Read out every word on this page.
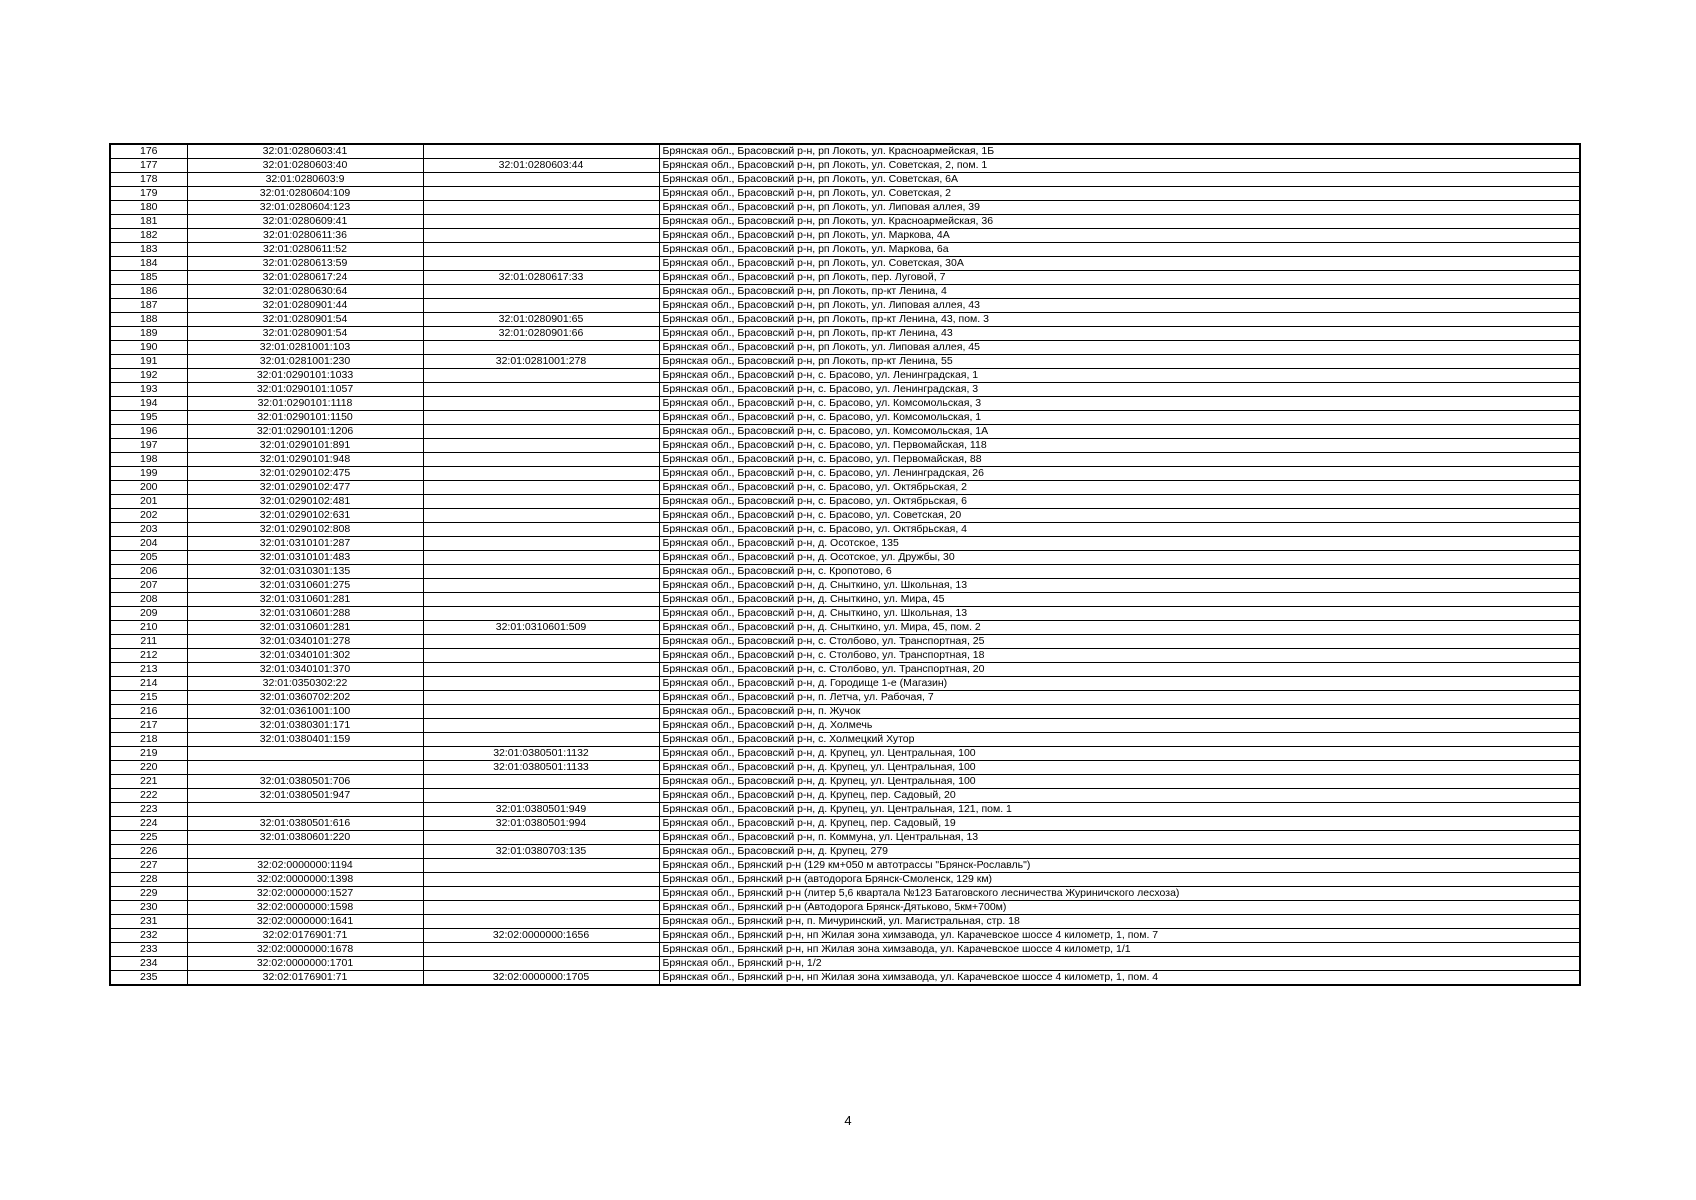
176	32:01:0280603:41		Брянская обл., Брасовский р-н, рп Локоть, ул. Красноармейская, 1Б
177	32:01:0280603:40	32:01:0280603:44	Брянская обл., Брасовский р-н, рп Локоть, ул. Советская, 2, пом. 1
178	32:01:0280603:9		Брянская обл., Брасовский р-н, рп Локоть, ул. Советская, 6А
179	32:01:0280604:109		Брянская обл., Брасовский р-н, рп Локоть, ул. Советская, 2
180	32:01:0280604:123		Брянская обл., Брасовский р-н, рп Локоть, ул. Липовая аллея, 39
181	32:01:0280609:41		Брянская обл., Брасовский р-н, рп Локоть, ул. Красноармейская, 36
182	32:01:0280611:36		Брянская обл., Брасовский р-н, рп Локоть, ул. Маркова, 4А
183	32:01:0280611:52		Брянская обл., Брасовский р-н, рп Локоть, ул. Маркова, 6а
184	32:01:0280613:59		Брянская обл., Брасовский р-н, рп Локоть, ул. Советская, 30А
185	32:01:0280617:24	32:01:0280617:33	Брянская обл., Брасовский р-н, рп Локоть, пер. Луговой, 7
186	32:01:0280630:64		Брянская обл., Брасовский р-н, рп Локоть, пр-кт Ленина, 4
187	32:01:0280901:44		Брянская обл., Брасовский р-н, рп Локоть, ул. Липовая аллея, 43
188	32:01:0280901:54	32:01:0280901:65	Брянская обл., Брасовский р-н, рп Локоть, пр-кт Ленина, 43, пом. 3
189	32:01:0280901:54	32:01:0280901:66	Брянская обл., Брасовский р-н, рп Локоть, пр-кт Ленина, 43
190	32:01:0281001:103		Брянская обл., Брасовский р-н, рп Локоть, ул. Липовая аллея, 45
191	32:01:0281001:230	32:01:0281001:278	Брянская обл., Брасовский р-н, рп Локоть, пр-кт Ленина, 55
192	32:01:0290101:1033		Брянская обл., Брасовский р-н, с. Брасово, ул. Ленинградская, 1
193	32:01:0290101:1057		Брянская обл., Брасовский р-н, с. Брасово, ул. Ленинградская, 3
194	32:01:0290101:1118		Брянская обл., Брасовский р-н, с. Брасово, ул. Комсомольская, 3
195	32:01:0290101:1150		Брянская обл., Брасовский р-н, с. Брасово, ул. Комсомольская, 1
196	32:01:0290101:1206		Брянская обл., Брасовский р-н, с. Брасово, ул. Комсомольская, 1А
197	32:01:0290101:891		Брянская обл., Брасовский р-н, с. Брасово, ул. Первомайская, 118
198	32:01:0290101:948		Брянская обл., Брасовский р-н, с. Брасово, ул. Первомайская, 88
199	32:01:0290102:475		Брянская обл., Брасовский р-н, с. Брасово, ул. Ленинградская, 26
200	32:01:0290102:477		Брянская обл., Брасовский р-н, с. Брасово, ул. Октябрьская, 2
201	32:01:0290102:481		Брянская обл., Брасовский р-н, с. Брасово, ул. Октябрьская, 6
202	32:01:0290102:631		Брянская обл., Брасовский р-н, с. Брасово, ул. Советская, 20
203	32:01:0290102:808		Брянская обл., Брасовский р-н, с. Брасово, ул. Октябрьская, 4
204	32:01:0310101:287		Брянская обл., Брасовский р-н, д. Осотское, 135
205	32:01:0310101:483		Брянская обл., Брасовский р-н, д. Осотское, ул. Дружбы, 30
206	32:01:0310301:135		Брянская обл., Брасовский р-н, с. Кропотово, 6
207	32:01:0310601:275		Брянская обл., Брасовский р-н, д. Сныткино, ул. Школьная, 13
208	32:01:0310601:281		Брянская обл., Брасовский р-н, д. Сныткино, ул. Мира, 45
209	32:01:0310601:288		Брянская обл., Брасовский р-н, д. Сныткино, ул. Школьная, 13
210	32:01:0310601:281	32:01:0310601:509	Брянская обл., Брасовский р-н, д. Сныткино, ул. Мира, 45, пом. 2
211	32:01:0340101:278		Брянская обл., Брасовский р-н, с. Столбово, ул. Транспортная, 25
212	32:01:0340101:302		Брянская обл., Брасовский р-н, с. Столбово, ул. Транспортная, 18
213	32:01:0340101:370		Брянская обл., Брасовский р-н, с. Столбово, ул. Транспортная, 20
214	32:01:0350302:22		Брянская обл., Брасовский р-н, д. Городище 1-е (Магазин)
215	32:01:0360702:202		Брянская обл., Брасовский р-н, п. Летча, ул. Рабочая, 7
216	32:01:0361001:100		Брянская обл., Брасовский р-н, п. Жучок
217	32:01:0380301:171		Брянская обл., Брасовский р-н, д. Холмечь
218	32:01:0380401:159		Брянская обл., Брасовский р-н, с. Холмецкий Хутор
219		32:01:0380501:1132	Брянская обл., Брасовский р-н, д. Крупец, ул. Центральная, 100
220		32:01:0380501:1133	Брянская обл., Брасовский р-н, д. Крупец, ул. Центральная, 100
221	32:01:0380501:706		Брянская обл., Брасовский р-н, д. Крупец, ул. Центральная, 100
222	32:01:0380501:947		Брянская обл., Брасовский р-н, д. Крупец, пер. Садовый, 20
223		32:01:0380501:949	Брянская обл., Брасовский р-н, д. Крупец, ул. Центральная, 121, пом. 1
224	32:01:0380501:616	32:01:0380501:994	Брянская обл., Брасовский р-н, д. Крупец, пер. Садовый, 19
225	32:01:0380601:220		Брянская обл., Брасовский р-н, п. Коммуна, ул. Центральная, 13
226		32:01:0380703:135	Брянская обл., Брасовский р-н, д. Крупец, 279
227	32:02:0000000:1194		Брянская обл., Брянский р-н (129 км+050 м автотрассы "Брянск-Рославль")
228	32:02:0000000:1398		Брянская обл., Брянский р-н (автодорога Брянск-Смоленск, 129 км)
229	32:02:0000000:1527		Брянская обл., Брянский р-н (литер 5,6 квартала №123 Батаговского лесничества Журиничского лесхоза)
230	32:02:0000000:1598		Брянская обл., Брянский р-н (Автодорога Брянск-Дятьково, 5км+700м)
231	32:02:0000000:1641		Брянская обл., Брянский р-н, п. Мичуринский, ул. Магистральная, стр. 18
232	32:02:0176901:71	32:02:0000000:1656	Брянская обл., Брянский р-н, нп Жилая зона химзавода, ул. Карачевское шоссе 4 километр, 1, пом. 7
233	32:02:0000000:1678		Брянская обл., Брянский р-н, нп Жилая зона химзавода, ул. Карачевское шоссе 4 километр, 1/1
234	32:02:0000000:1701		Брянская обл., Брянский р-н, 1/2
235	32:02:0176901:71	32:02:0000000:1705	Брянская обл., Брянский р-н, нп Жилая зона химзавода, ул. Карачевское шоссе 4 километр, 1, пом. 4
4
